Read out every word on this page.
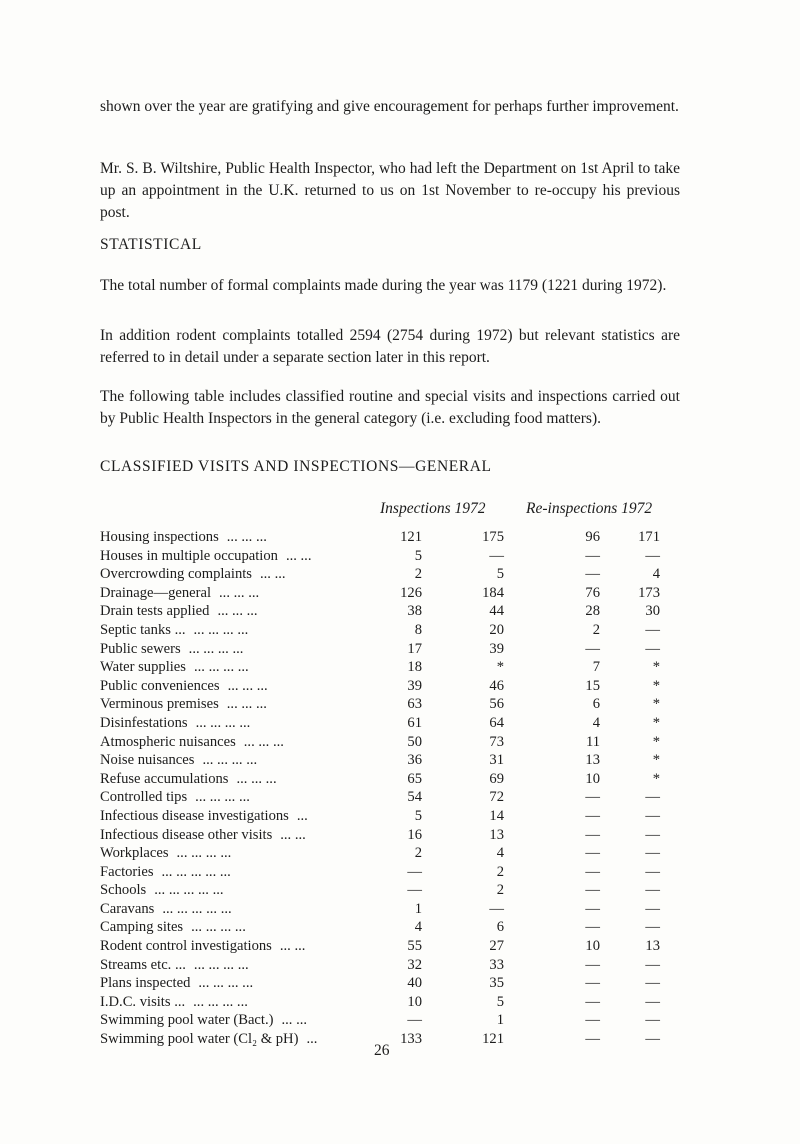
shown over the year are gratifying and give encouragement for perhaps further improvement.

Mr. S. B. Wiltshire, Public Health Inspector, who had left the Department on 1st April to take up an appointment in the U.K. returned to us on 1st November to re-occupy his previous post.

STATISTICAL

The total number of formal complaints made during the year was 1179 (1221 during 1972).

In addition rodent complaints totalled 2594 (2754 during 1972) but relevant statistics are referred to in detail under a separate section later in this report.

The following table includes classified routine and special visits and inspections carried out by Public Health Inspectors in the general category (i.e. excluding food matters).

CLASSIFIED VISITS AND INSPECTIONS—GENERAL

Inspections 1972	Re-inspections 1972
Housing inspections ... ... ...	121	175	96	171
Houses in multiple occupation ... ...	5	—	—	—
Overcrowding complaints ... ...	2	5	—	4
Drainage—general ... ... ...	126	184	76	173
Drain tests applied ... ... ...	38	44	28	30
Septic tanks ... ... ... ... ...	8	20	2	—
Public sewers ... ... ... ...	17	39	—	—
Water supplies ... ... ... ...	18	*	7	*
Public conveniences ... ... ...	39	46	15	*
Verminous premises ... ... ...	63	56	6	*
Disinfestations ... ... ... ...	61	64	4	*
Atmospheric nuisances ... ... ...	50	73	11	*
Noise nuisances ... ... ... ...	36	31	13	*
Refuse accumulations ... ... ...	65	69	10	*
Controlled tips ... ... ... ...	54	72	—	—
Infectious disease investigations ...	5	14	—	—
Infectious disease other visits ... ...	16	13	—	—
Workplaces ... ... ... ...	2	4	—	—
Factories ... ... ... ... ...	—	2	—	—
Schools ... ... ... ... ...	—	2	—	—
Caravans ... ... ... ... ...	1	—	—	—
Camping sites ... ... ... ...	4	6	—	—
Rodent control investigations ... ...	55	27	10	13
Streams etc. ... ... ... ... ...	32	33	—	—
Plans inspected ... ... ... ...	40	35	—	—
I.D.C. visits ... ... ... ... ...	10	5	—	—
Swimming pool water (Bact.) ... ...	—	1	—	—
Swimming pool water (Cl₂ & pH) ...	133	121	—	—
26
